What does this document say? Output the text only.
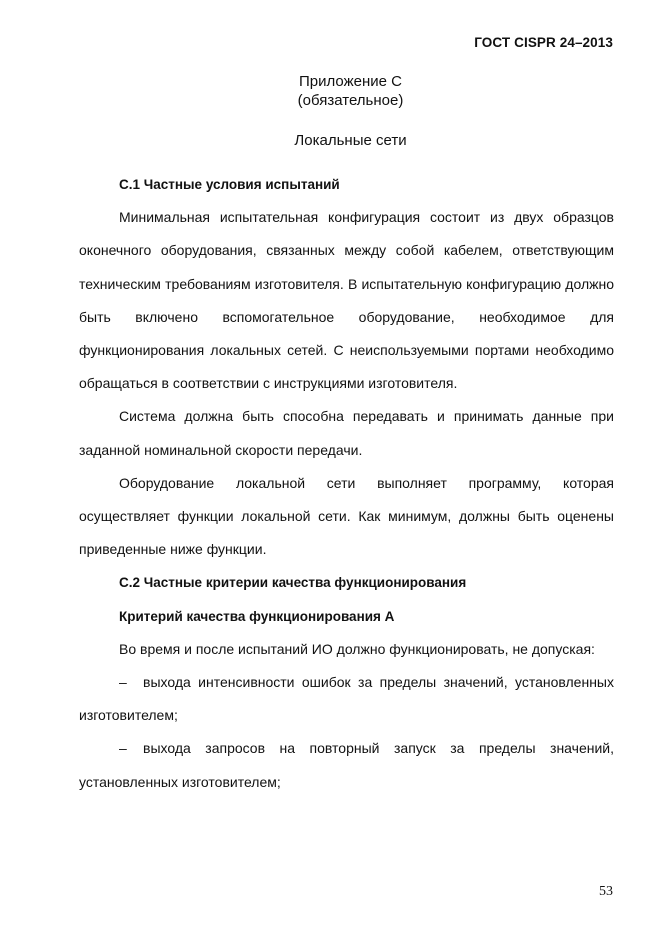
ГОСТ CISPR 24–2013
Приложение С
(обязательное)
Локальные сети

С.1 Частные условия испытаний

Минимальная испытательная конфигурация состоит из двух образцов оконечного оборудования, связанных между собой кабелем, ответствующим техническим требованиям изготовителя. В испытательную конфигурацию должно быть включено вспомогательное оборудование, необходимое для функционирования локальных сетей. С неиспользуемыми портами необходимо обращаться в соответствии с инструкциями изготовителя.

Система должна быть способна передавать и принимать данные при заданной номинальной скорости передачи.

Оборудование локальной сети выполняет программу, которая осуществляет функции локальной сети. Как минимум, должны быть оценены приведенные ниже функции.

С.2 Частные критерии качества функционирования

Критерий качества функционирования А

Во время и после испытаний ИО должно функционировать, не допуская:

– выхода интенсивности ошибок за пределы значений, установленных изготовителем;

– выхода запросов на повторный запуск за пределы значений, установленных изготовителем;

53
